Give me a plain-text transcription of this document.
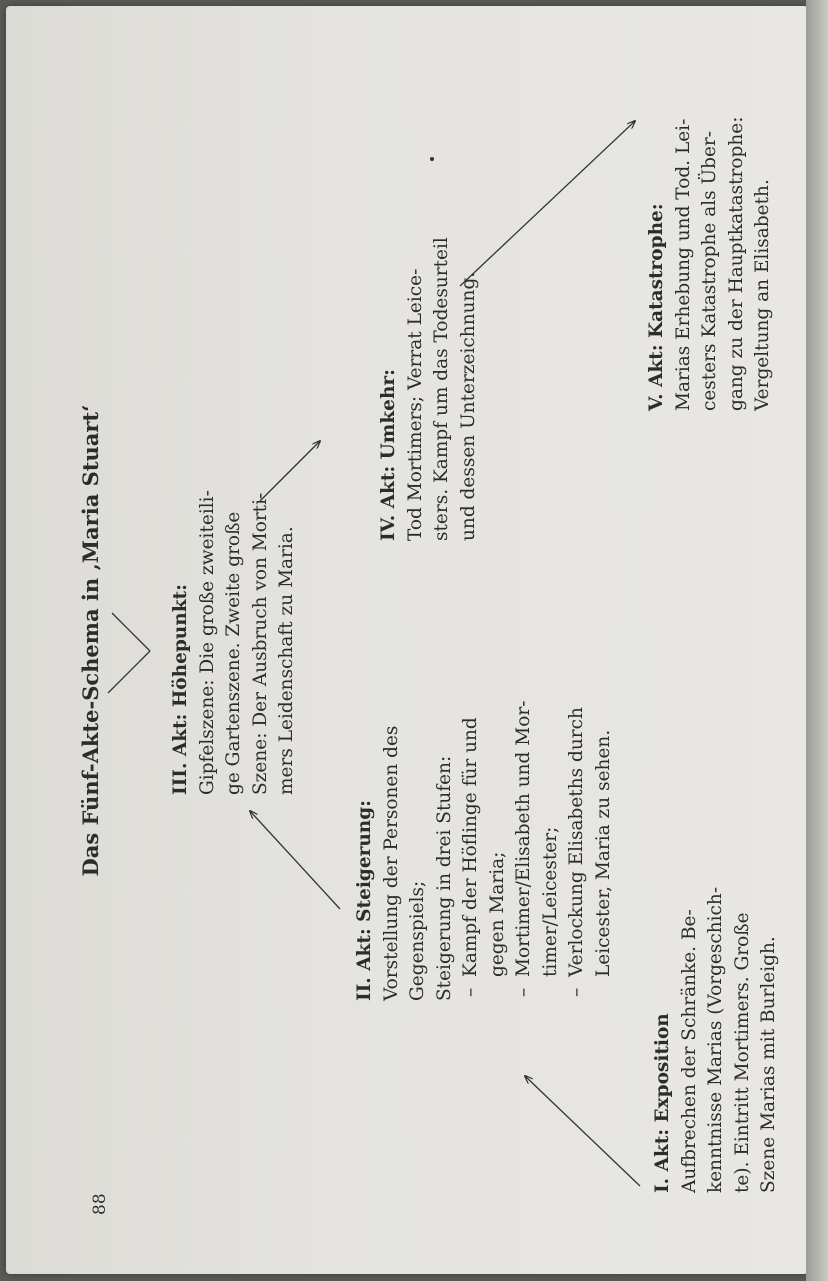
88
Das Fünf-Akte-Schema in ‚Maria Stuart‘
I. Akt: Exposition Aufbrechen der Schränke. Be- kenntnisse Marias (Vorgeschich- te). Eintritt Mortimers. Große Szene Marias mit Burleigh.
II. Akt: Steigerung: Vorstellung der Personen des Gegenspiels; Steigerung in drei Stufen: –
Kampf der Höflinge für und gegen Maria;
–
Mortimer/Elisabeth und Mor- timer/Leicester;
–
Verlockung Elisabeths durch Leicester, Maria zu sehen.
III. Akt: Höhepunkt: Gipfelszene: Die große zweiteili- ge Gartenszene. Zweite große Szene: Der Ausbruch von Morti- mers Leidenschaft zu Maria.
IV. Akt: Umkehr: Tod Mortimers; Verrat Leice- sters. Kampf um das Todesurteil und dessen Unterzeichnung.	V. Akt: Katastrophe: Marias Erhebung und Tod. Lei- cesters Katastrophe als Über- gang zu der Hauptkatastrophe: Vergeltung an Elisabeth.
